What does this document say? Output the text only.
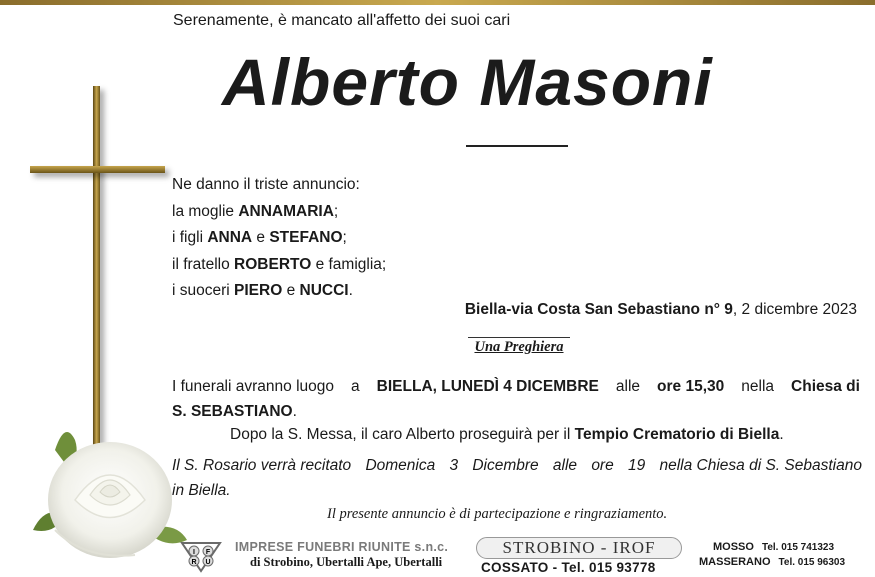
Serenamente, è mancato all'affetto dei suoi cari
Alberto Masoni
Ne danno il triste annuncio:
la moglie ANNAMARIA;
i figli ANNA e STEFANO;
il fratello ROBERTO e famiglia;
i suoceri PIERO e NUCCI.
Biella-via Costa San Sebastiano n° 9, 2 dicembre 2023
Una Preghiera
I funerali avranno luogo a BIELLA, LUNEDÌ 4 DICEMBRE alle ore 15,30 nella Chiesa di
S. SEBASTIANO.
Dopo la S. Messa, il caro Alberto proseguirà per il Tempio Crematorio di Biella.
Il S. Rosario verrà recitato Domenica 3 Dicembre alle ore 19 nella Chiesa di S. Sebastiano
in Biella.
Il presente annuncio è di partecipazione e ringraziamento.
I F
R U
IMPRESE FUNEBRI RIUNITE s.n.c.
di Strobino, Ubertalli Ape, Ubertalli
STROBINO - IROF
COSSATO - Tel. 015 93778
MOSSO Tel. 015 741323
MASSERANO Tel. 015 96303
